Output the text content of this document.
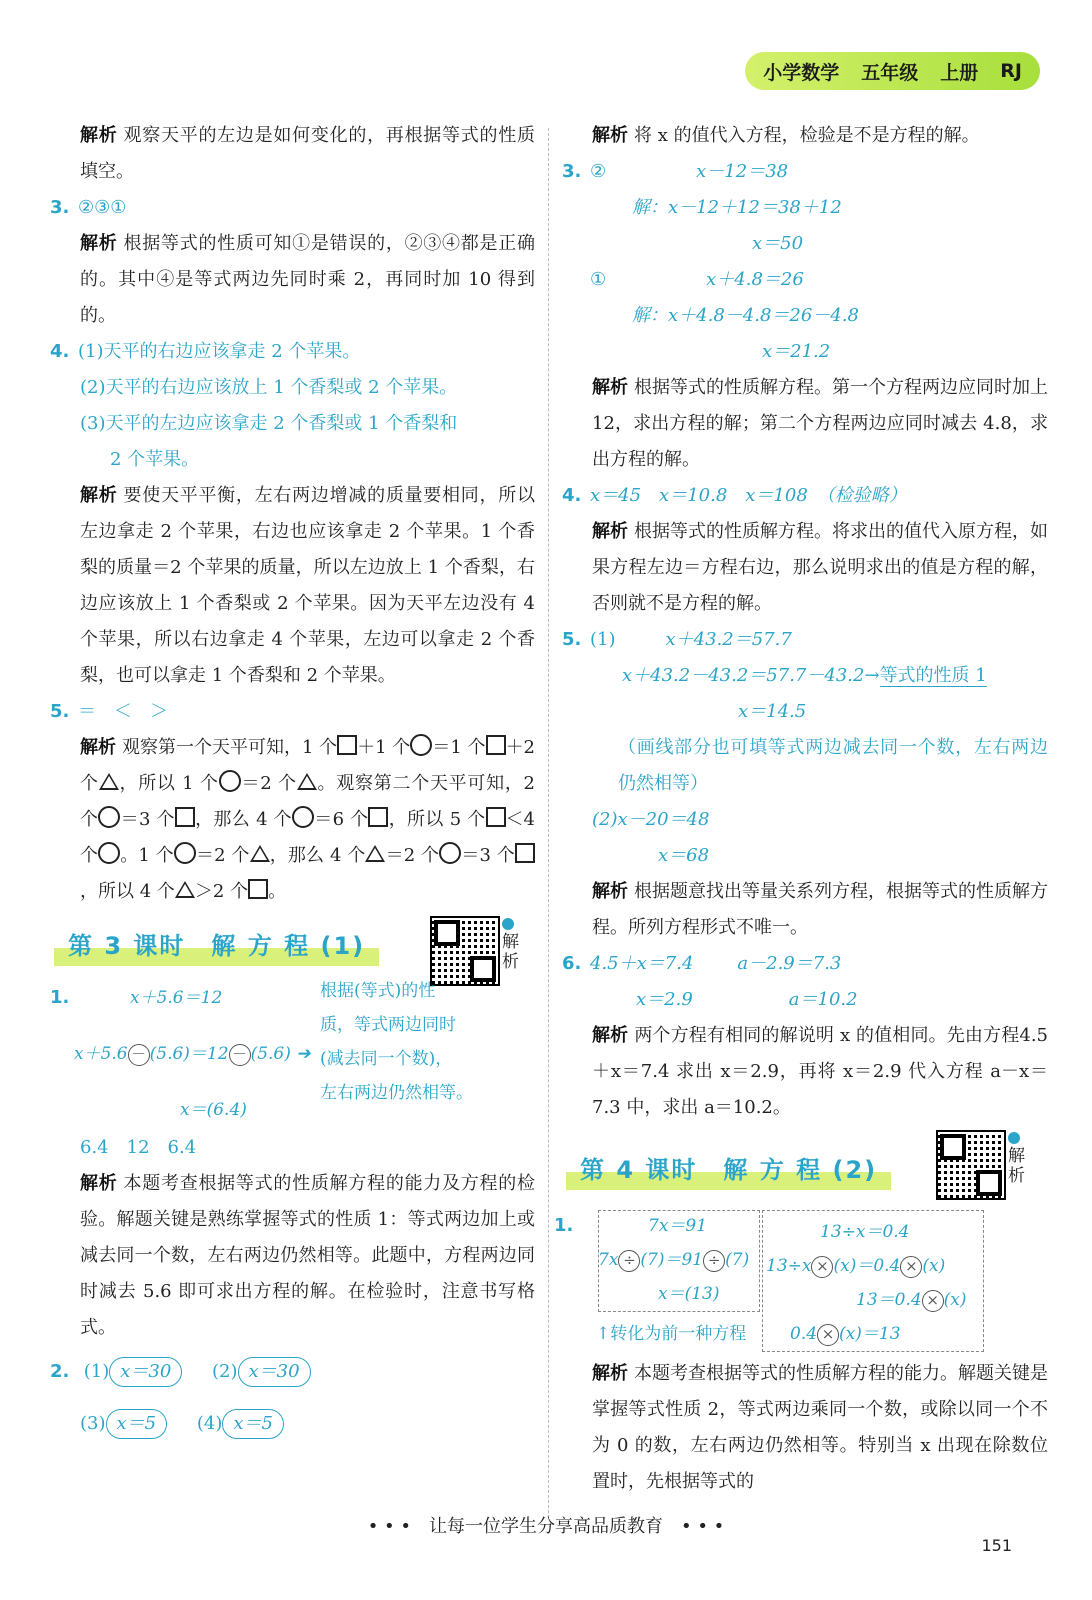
小学数学 五年级 上册 RJ
解析 观察天平的左边是如何变化的，再根据等式的性质填空。
3. ②③①
解析 根据等式的性质可知①是错误的，②③④都是正确的。其中④是等式两边先同时乘 2，再同时加 10 得到的。
4. (1)天平的右边应该拿走 2 个苹果。
(2)天平的右边应该放上 1 个香梨或 2 个苹果。
(3)天平的左边应该拿走 2 个香梨或 1 个香梨和
2 个苹果。
解析 要使天平平衡，左右两边增减的质量要相同，所以左边拿走 2 个苹果，右边也应该拿走 2 个苹果。1 个香梨的质量＝2 个苹果的质量，所以左边放上 1 个香梨，右边应该放上 1 个香梨或 2 个苹果。因为天平左边没有 4 个苹果，所以右边拿走 4 个苹果，左边可以拿走 2 个香梨，也可以拿走 1 个香梨和 2 个苹果。
5. ＝　＜　＞
解析 观察第一个天平可知，1 个 ＋1 个 ＝1 个 ＋2 个 ，所以 1 个 ＝2 个 。观察第二个天平可知，2 个 ＝3 个 ，那么 4 个 ＝6 个 ，所以 5 个 ＜4 个 。1 个 ＝2 个 ，那么 4 个 ＝2 个 ＝3 个，所以 4 个 ＞2 个 。
第 3 课时　解 方 程 (1)	解析
1.	x＋5.6＝12
x＋5.6 － (5.6)＝12 － (5.6) ➔
x＝(6.4)
根据(等式)的性
质，等式两边同时
(减去同一个数)，
左右两边仍然相等。
6.4　12　6.4
解析 本题考查根据等式的性质解方程的能力及方程的检验。解题关键是熟练掌握等式的性质 1：等式两边加上或减去同一个数，左右两边仍然相等。此题中，方程两边同时减去 5.6 即可求出方程的解。在检验时，注意书写格式。
2. (1) x＝30 (2) x＝30
(3) x＝5 (4) x＝5
解析 将 x 的值代入方程，检验是不是方程的解。
3. ②	x－12＝38
解：x－12＋12＝38＋12
x＝50
①	x＋4.8＝26
解：x＋4.8－4.8＝26－4.8
x＝21.2
解析 根据等式的性质解方程。第一个方程两边应同时加上 12，求出方程的解；第二个方程两边应同时减去 4.8，求出方程的解。
4. x＝45　x＝10.8　x＝108　（检验略）
解析 根据等式的性质解方程。将求出的值代入原方程，如果方程左边＝方程右边，那么说明求出的值是方程的解，否则就不是方程的解。
5. (1)	x＋43.2＝57.7
x＋43.2－43.2＝57.7－43.2→等式的性质 1
x＝14.5
（画线部分也可填等式两边减去同一个数，左右两边仍然相等）
(2)x－20＝48
x＝68
解析 根据题意找出等量关系列方程，根据等式的性质解方程。所列方程形式不唯一。
6. 4.5＋x＝7.4 a－2.9＝7.3
x＝2.9	a＝10.2
解析 两个方程有相同的解说明 x 的值相同。先由方程4.5＋x＝7.4 求出 x＝2.9，再将 x＝2.9 代入方程 a－x＝7.3 中，求出 a＝10.2。
第 4 课时　解 方 程 (2)	解析
1.	7x＝91
7x ÷ (7)＝91 ÷ (7)
x＝(13)
13÷x＝0.4
13÷x × (x)＝0.4 × (x)
13＝0.4 × (x)
0.4 × (x)＝13
↑转化为前一种方程
解析 本题考查根据等式的性质解方程的能力。解题关键是掌握等式性质 2，等式两边乘同一个数，或除以同一个不为 0 的数，左右两边仍然相等。特别当 x 出现在除数位置时，先根据等式的
• • •　让每一位学生分享高品质教育　• • •
151
